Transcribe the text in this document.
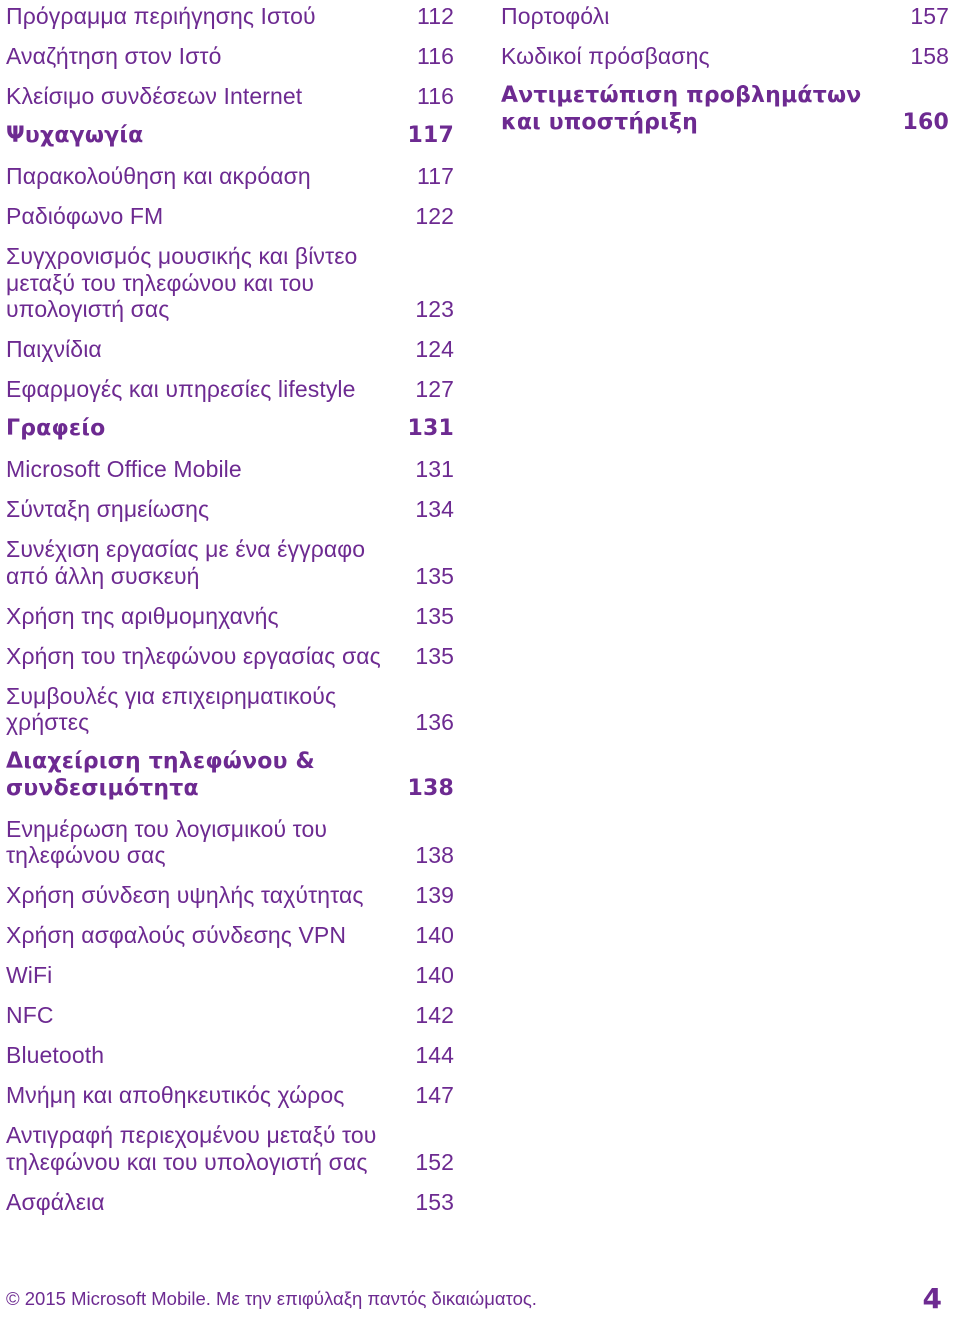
Πρόγραμμα περιήγησης Ιστού	112
Αναζήτηση στον Ιστό	116
Κλείσιμο συνδέσεων Internet	116
Ψυχαγωγία	117
Παρακολούθηση και ακρόαση	117
Ραδιόφωνο FM	122
Συγχρονισμός μουσικής και βίντεο μεταξύ του τηλεφώνου και του υπολογιστή σας	123
Παιχνίδια	124
Εφαρμογές και υπηρεσίες lifestyle	127
Γραφείο	131
Microsoft Office Mobile	131
Σύνταξη σημείωσης	134
Συνέχιση εργασίας με ένα έγγραφο από άλλη συσκευή	135
Χρήση της αριθμομηχανής	135
Χρήση του τηλεφώνου εργασίας σας	135
Συμβουλές για επιχειρηματικούς χρήστες	136
Διαχείριση τηλεφώνου & συνδεσιμότητα	138
Ενημέρωση του λογισμικού του τηλεφώνου σας	138
Χρήση σύνδεση υψηλής ταχύτητας	139
Χρήση ασφαλούς σύνδεσης VPN	140
WiFi	140
NFC	142
Bluetooth	144
Μνήμη και αποθηκευτικός χώρος	147
Αντιγραφή περιεχομένου μεταξύ του τηλεφώνου και του υπολογιστή σας	152
Ασφάλεια	153
Πορτοφόλι	157
Κωδικοί πρόσβασης	158
Αντιμετώπιση προβλημάτων και υποστήριξη	160
© 2015 Microsoft Mobile. Με την επιφύλαξη παντός δικαιώματος.	4
